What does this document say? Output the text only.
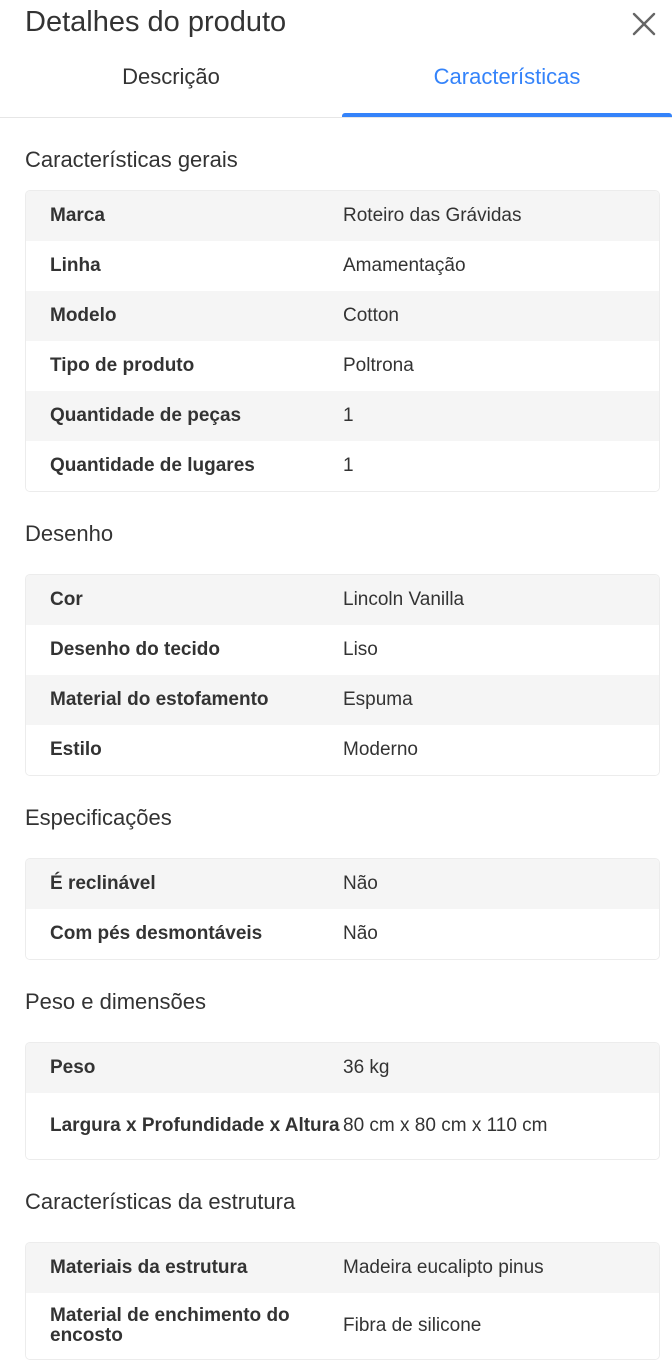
Detalhes do produto
Descrição	Características
Características gerais
Marca	Roteiro das Grávidas
Linha	Amamentação
Modelo	Cotton
Tipo de produto	Poltrona
Quantidade de peças	1
Quantidade de lugares	1
Desenho
Cor	Lincoln Vanilla
Desenho do tecido	Liso
Material do estofamento	Espuma
Estilo	Moderno
Especificações
É reclinável	Não
Com pés desmontáveis	Não
Peso e dimensões
Peso	36 kg
Largura x Profundidade x Altura 80 cm x 80 cm x 110 cm
Características da estrutura
Materiais da estrutura	Madeira eucalipto pinus
Material de enchimento do encosto	Fibra de silicone
